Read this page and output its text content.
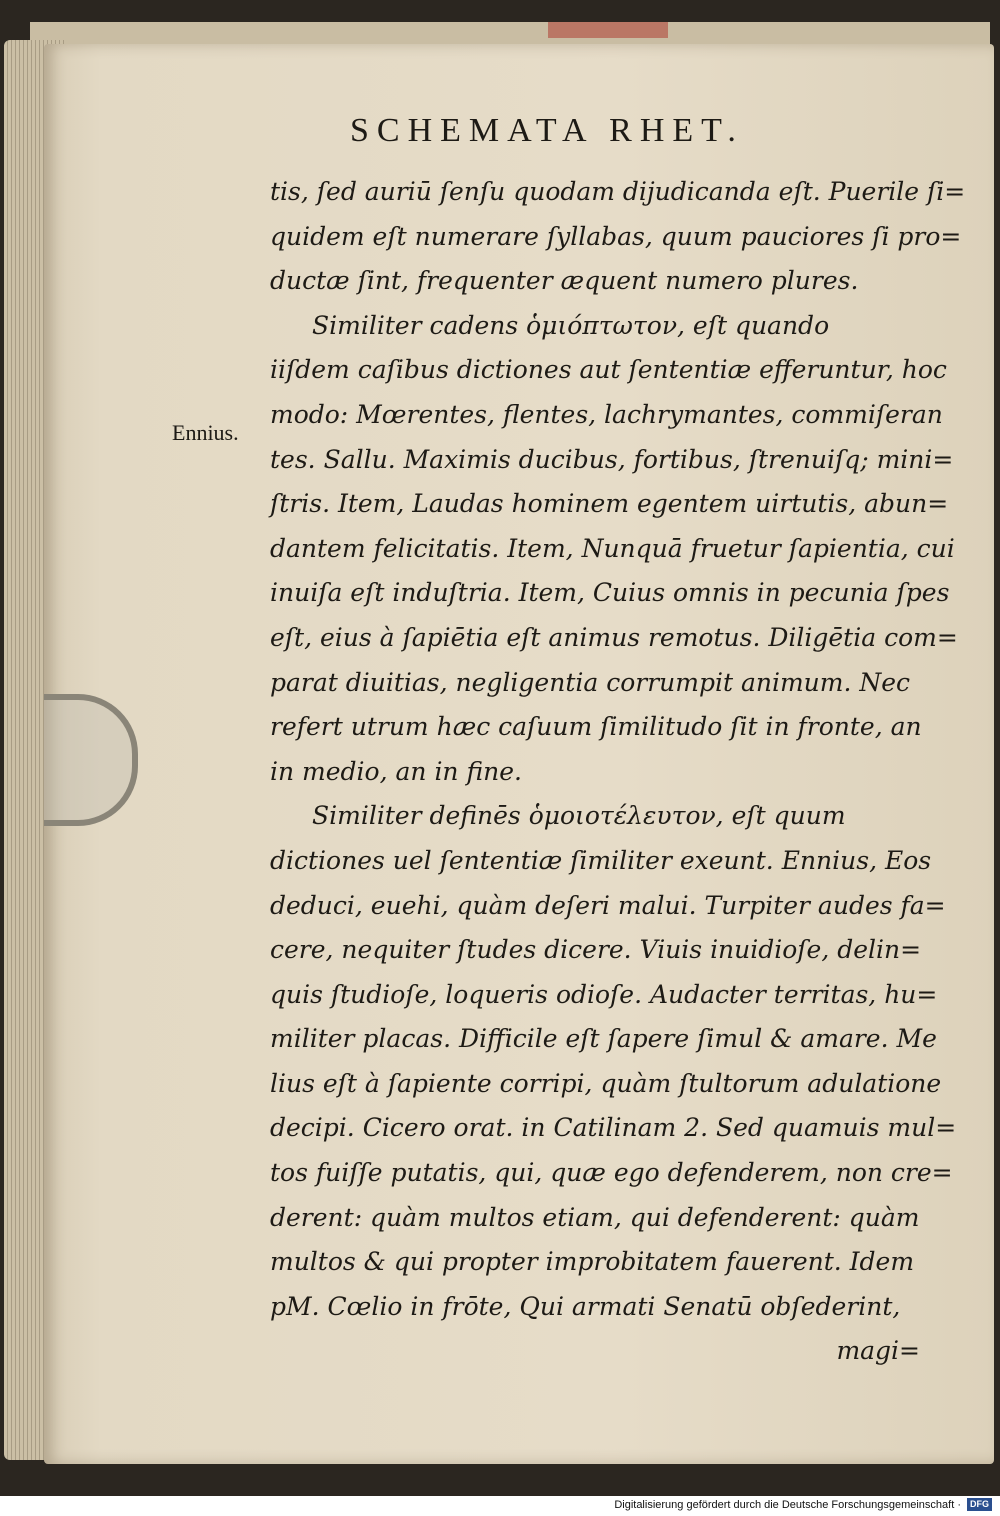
SCHEMATA RHET.
Ennius.
tis, ſed auriū ſenſu quodam dijudicanda eſt. Puerile ſi=
quidem eſt numerare ſyllabas, quum pauciores ſi pro=
ductæ ſint, frequenter æquent numero plures.
Similiter cadens ὁμιόπτωτον, eſt quando
iiſdem caſibus dictiones aut ſententiæ efferuntur, hoc
modo: Mœrentes, flentes, lachrymantes, commiſeran
tes. Sallu. Maximis ducibus, fortibus, ſtrenuiſq; mini=
ſtris. Item, Laudas hominem egentem uirtutis, abun=
dantem felicitatis. Item, Nunquā fruetur ſapientia, cui
inuiſa eſt induſtria. Item, Cuius omnis in pecunia ſpes
eſt, eius à ſapiētia eſt animus remotus. Diligētia com=
parat diuitias, negligentia corrumpit animum. Nec
refert utrum hæc caſuum ſimilitudo ſit in fronte, an
in medio, an in fine.
Similiter definēs ὁμοιοτέλευτον, eſt quum
dictiones uel ſententiæ ſimiliter exeunt. Ennius, Eos
deduci, euehi, quàm deſeri malui. Turpiter audes fa=
cere, nequiter ſtudes dicere. Viuis inuidioſe, delin=
quis ſtudioſe, loqueris odioſe. Audacter territas, hu=
militer placas. Difficile eſt ſapere ſimul & amare. Me
lius eſt à ſapiente corripi, quàm ſtultorum adulatione
decipi. Cicero orat. in Catilinam 2. Sed quamuis mul=
tos fuiſſe putatis, qui, quæ ego defenderem, non cre=
derent: quàm multos etiam, qui defenderent: quàm
multos & qui propter improbitatem fauerent. Idem
pM. Cœlio in frōte, Qui armati Senatū obſederint,
magi=
Digitalisierung gefördert durch die Deutsche Forschungsgemeinschaft ·	DFG
